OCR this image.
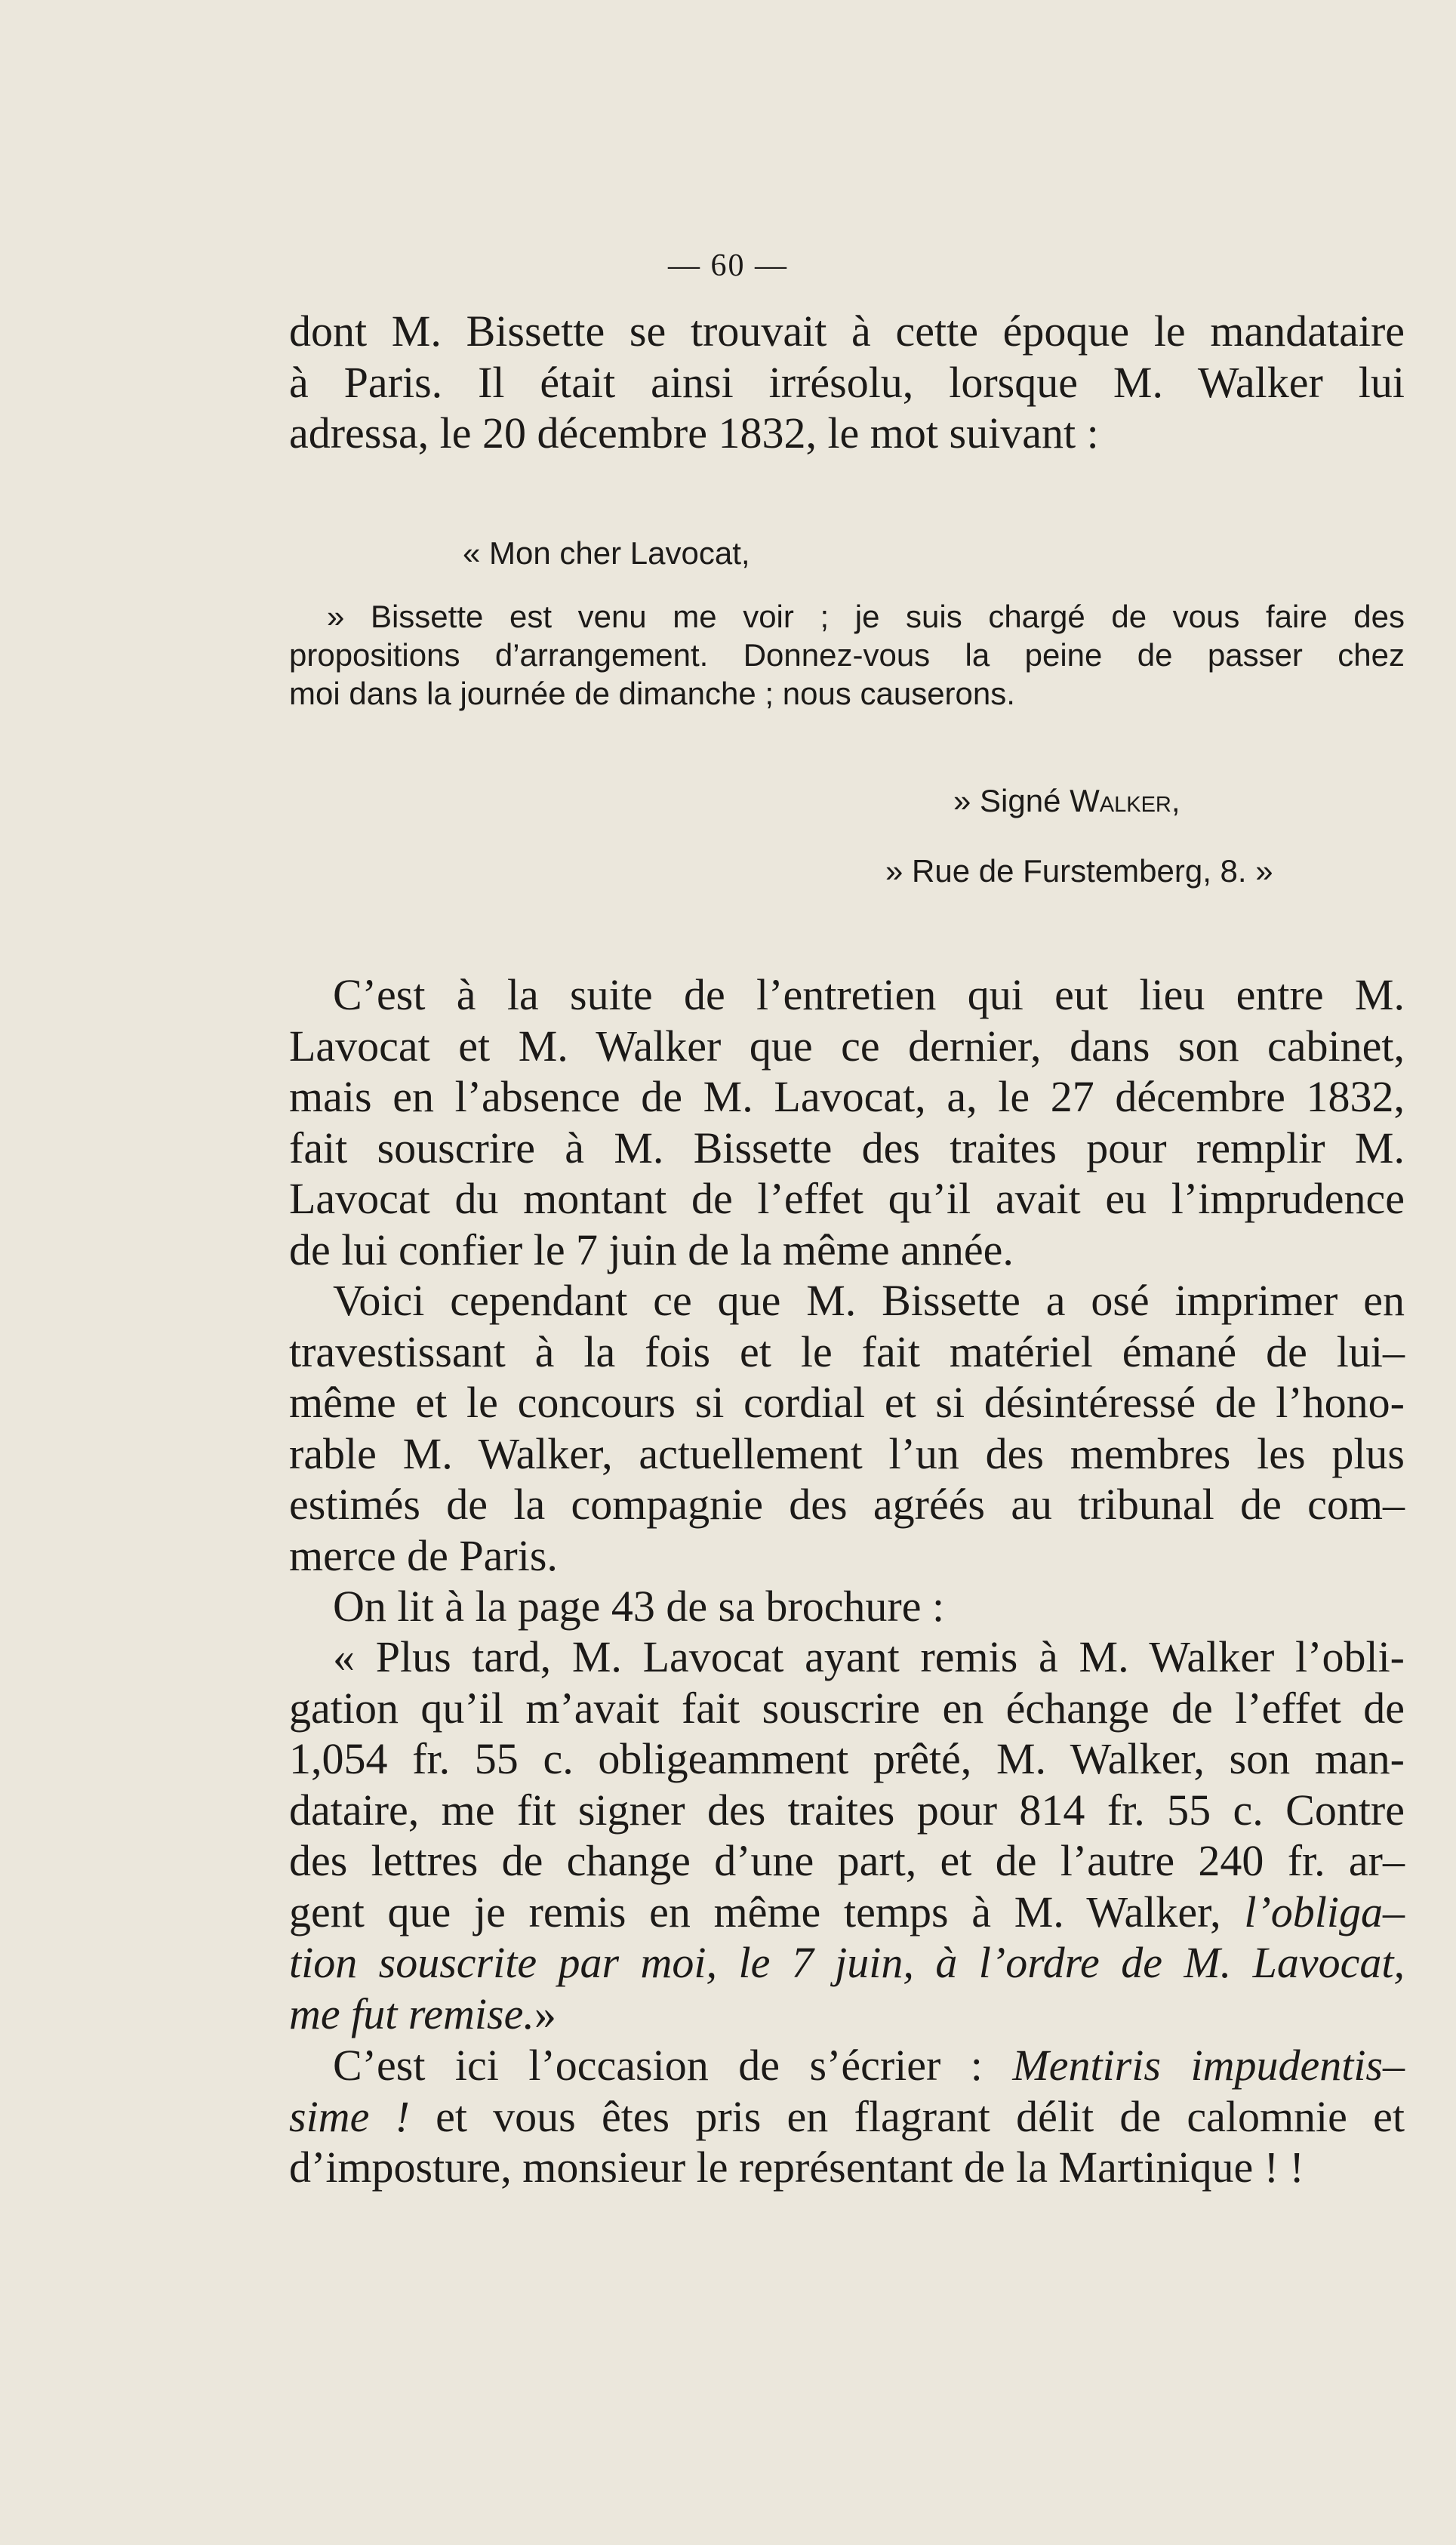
— 60 —

dont M. Bissette se trouvait à cette époque le mandataire

à Paris. Il était ainsi irrésolu, lorsque M. Walker lui

adressa, le 20 décembre 1832, le mot suivant :

« Mon cher Lavocat,

» Bissette est venu me voir ; je suis chargé de vous faire des

propositions d’arrangement. Donnez-vous la peine de passer chez

moi dans la journée de dimanche ; nous causerons.

» Signé Walker,

» Rue de Furstemberg, 8. »

C’est à la suite de l’entretien qui eut lieu entre M.

Lavocat et M. Walker que ce dernier, dans son cabinet,

mais en l’absence de M. Lavocat, a, le 27 décembre 1832,

fait souscrire à M. Bissette des traites pour remplir M.

Lavocat du montant de l’effet qu’il avait eu l’imprudence

de lui confier le 7 juin de la même année.

Voici cependant ce que M. Bissette a osé imprimer en

travestissant à la fois et le fait matériel émané de lui–

même et le concours si cordial et si désintéressé de l’hono-

rable M. Walker, actuellement l’un des membres les plus

estimés de la compagnie des agréés au tribunal de com–

merce de Paris.

On lit à la page 43 de sa brochure :

« Plus tard, M. Lavocat ayant remis à M. Walker l’obli-

gation qu’il m’avait fait souscrire en échange de l’effet de

1,054 fr. 55 c. obligeamment prêté, M. Walker, son man-

dataire, me fit signer des traites pour 814 fr. 55 c. Contre

des lettres de change d’une part, et de l’autre 240 fr. ar–

gent que je remis en même temps à M. Walker, l’obliga–

tion souscrite par moi, le 7 juin, à l’ordre de M. Lavocat,

me fut remise.»

C’est ici l’occasion de s’écrier : Mentiris impudentis–

sime ! et vous êtes pris en flagrant délit de calomnie et

d’imposture, monsieur le représentant de la Martinique ! !
